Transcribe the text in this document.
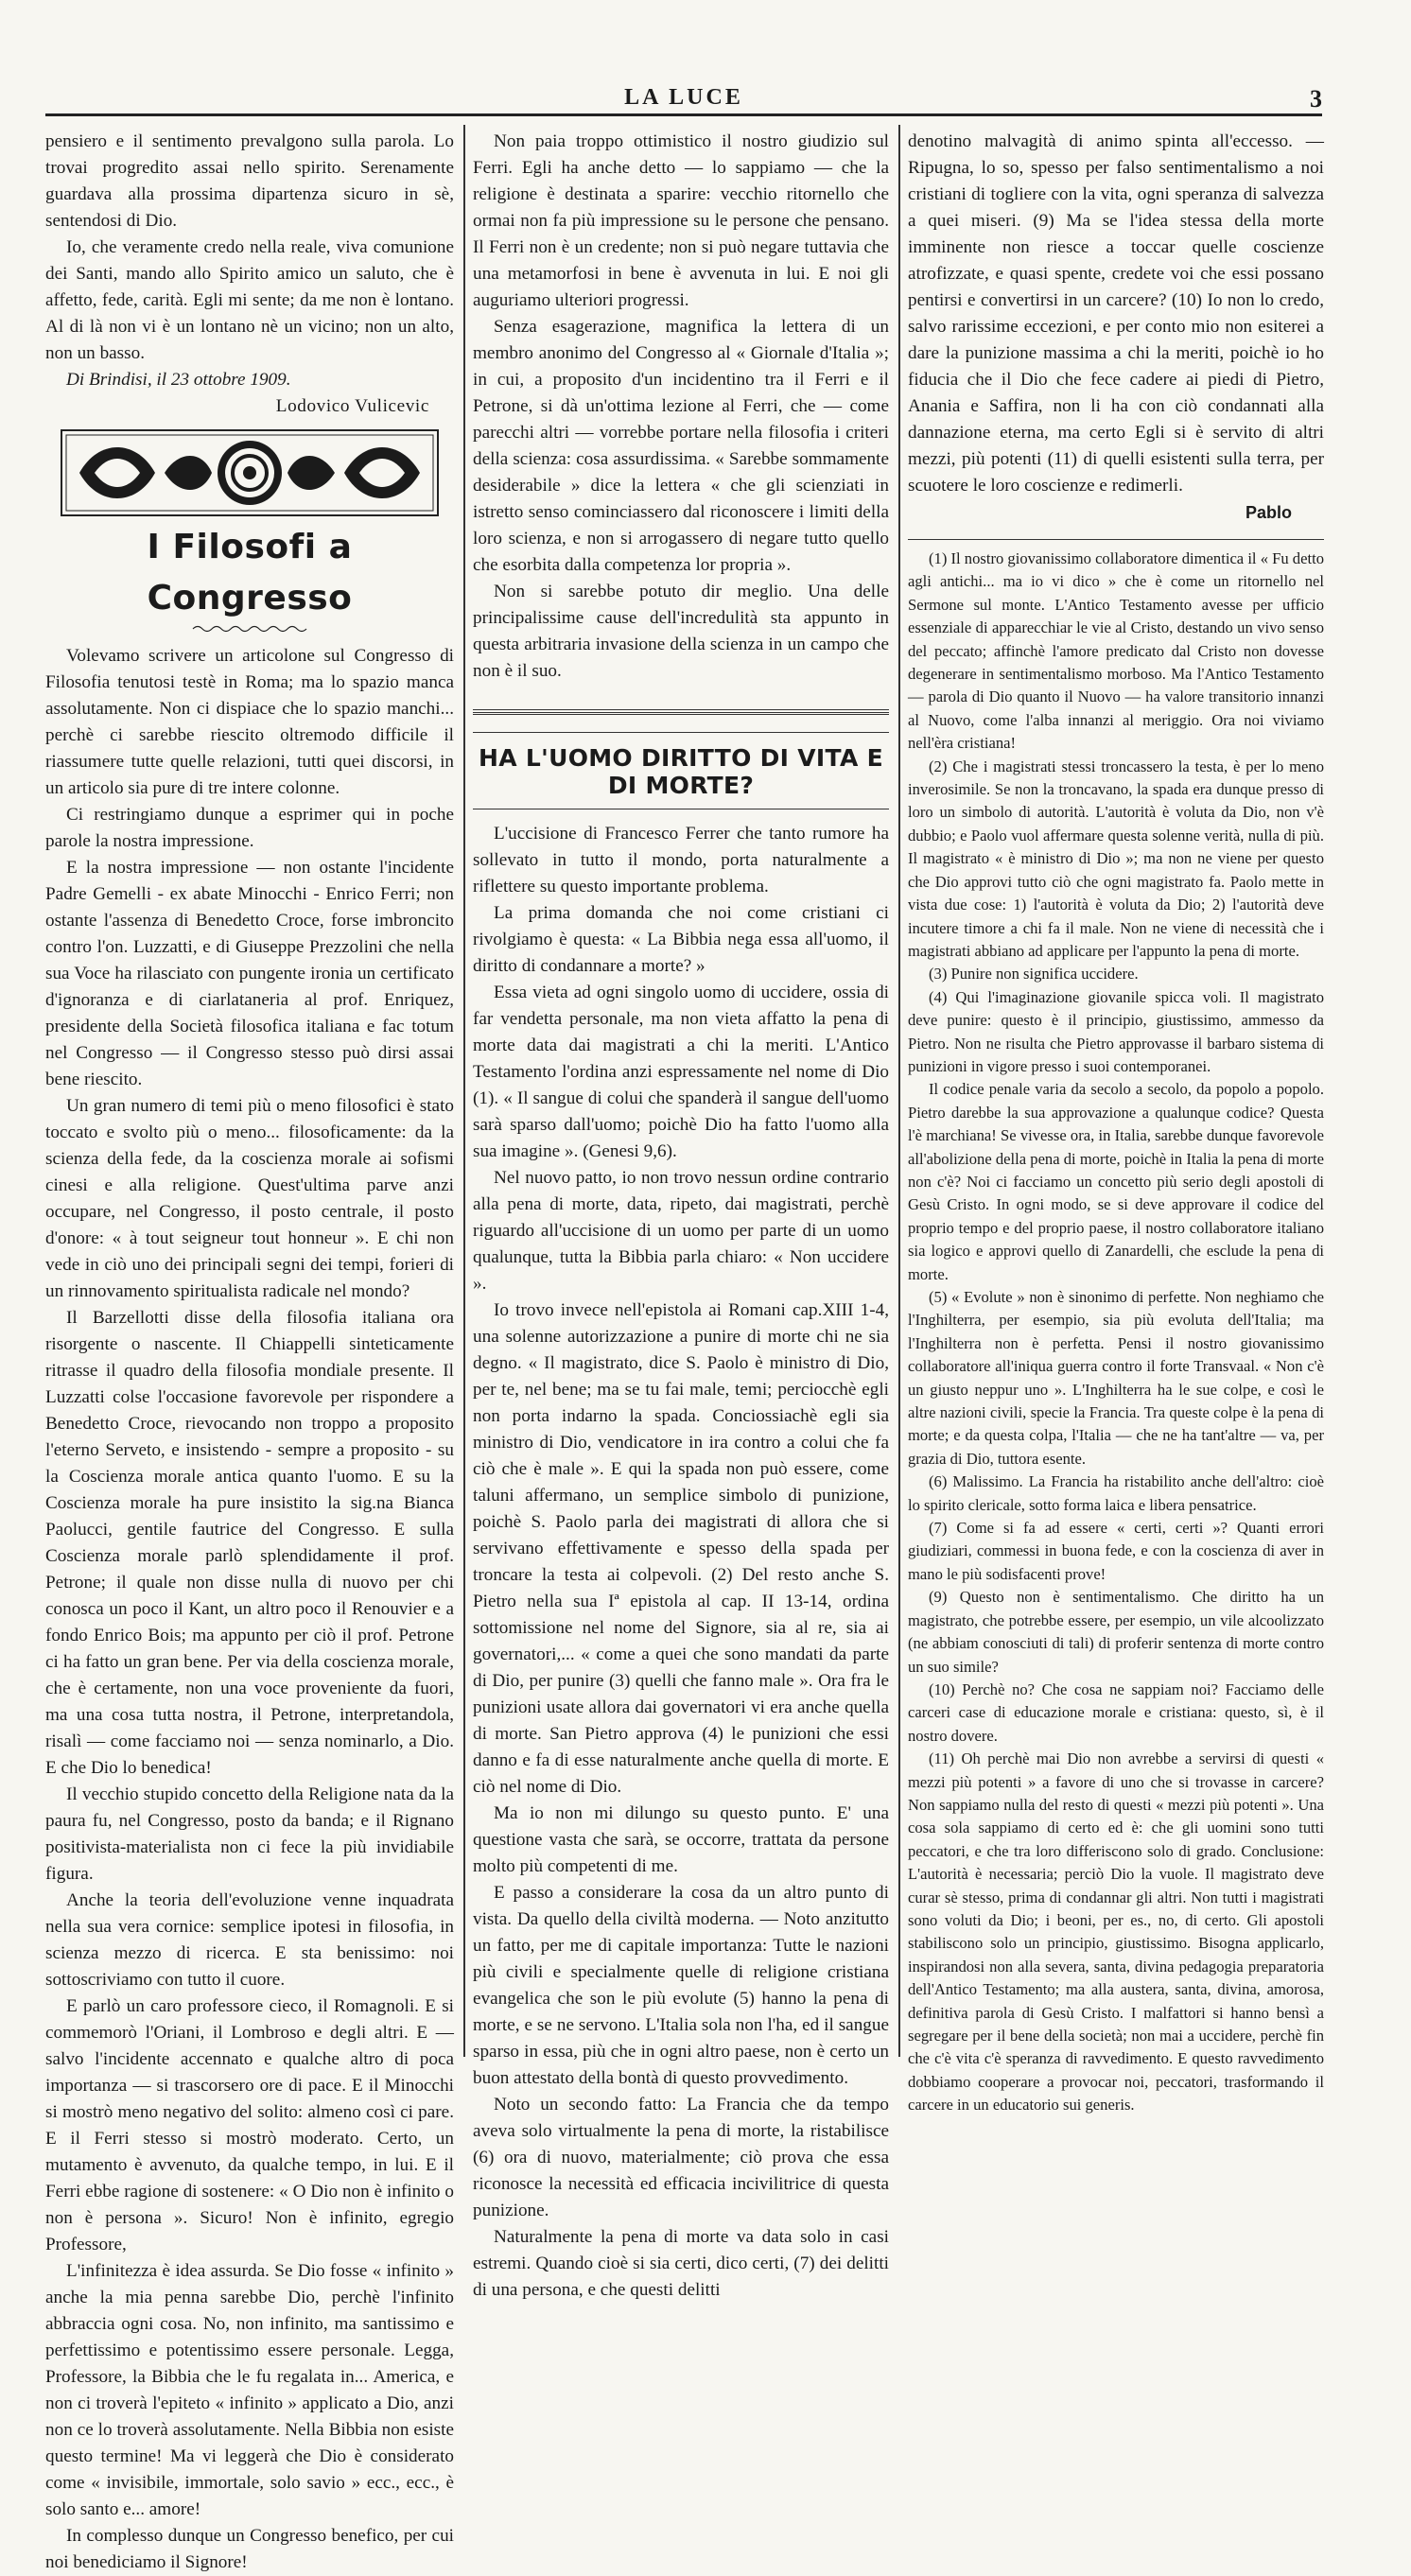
LA LUCE	3

pensiero e il sentimento prevalgono sulla parola. Lo trovai progredito assai nello spirito. Serenamente guardava alla prossima dipartenza sicuro in sè, sentendosi di Dio.

Io, che veramente credo nella reale, viva comunione dei Santi, mando allo Spirito amico un saluto, che è affetto, fede, carità. Egli mi sente; da me non è lontano. Al di là non vi è un lontano nè un vicino; non un alto, non un basso.

Di Brindisi, il 23 ottobre 1909.

Lodovico Vulicevic

I Filosofi a Congresso

Volevamo scrivere un articolone sul Congresso di Filosofia tenutosi testè in Roma; ma lo spazio manca assolutamente. Non ci dispiace che lo spazio manchi... perchè ci sarebbe riescito oltremodo difficile il riassumere tutte quelle relazioni, tutti quei discorsi, in un articolo sia pure di tre intere colonne.

Ci restringiamo dunque a esprimer qui in poche parole la nostra impressione.

E la nostra impressione — non ostante l'incidente Padre Gemelli - ex abate Minocchi - Enrico Ferri; non ostante l'assenza di Benedetto Croce, forse imbroncito contro l'on. Luzzatti, e di Giuseppe Prezzolini che nella sua Voce ha rilasciato con pungente ironia un certificato d'ignoranza e di ciarlataneria al prof. Enriquez, presidente della Società filosofica italiana e fac totum nel Congresso — il Congresso stesso può dirsi assai bene riescito.

Un gran numero di temi più o meno filosofici è stato toccato e svolto più o meno... filosoficamente: da la scienza della fede, da la coscienza morale ai sofismi cinesi e alla religione. Quest'ultima parve anzi occupare, nel Congresso, il posto centrale, il posto d'onore: « à tout seigneur tout honneur ». E chi non vede in ciò uno dei principali segni dei tempi, forieri di un rinnovamento spiritualista radicale nel mondo?

Il Barzellotti disse della filosofia italiana ora risorgente o nascente. Il Chiappelli sinteticamente ritrasse il quadro della filosofia mondiale presente. Il Luzzatti colse l'occasione favorevole per rispondere a Benedetto Croce, rievocando non troppo a proposito l'eterno Serveto, e insistendo - sempre a proposito - su la Coscienza morale antica quanto l'uomo. E su la Coscienza morale ha pure insistito la sig.na Bianca Paolucci, gentile fautrice del Congresso. E sulla Coscienza morale parlò splendidamente il prof. Petrone; il quale non disse nulla di nuovo per chi conosca un poco il Kant, un altro poco il Renouvier e a fondo Enrico Bois; ma appunto per ciò il prof. Petrone ci ha fatto un gran bene. Per via della coscienza morale, che è certamente, non una voce proveniente da fuori, ma una cosa tutta nostra, il Petrone, interpretandola, risalì — come facciamo noi — senza nominarlo, a Dio. E che Dio lo benedica!

Il vecchio stupido concetto della Religione nata da la paura fu, nel Congresso, posto da banda; e il Rignano positivista-materialista non ci fece la più invidiabile figura.

Anche la teoria dell'evoluzione venne inquadrata nella sua vera cornice: semplice ipotesi in filosofia, in scienza mezzo di ricerca. E sta benissimo: noi sottoscriviamo con tutto il cuore.

E parlò un caro professore cieco, il Romagnoli. E si commemorò l'Oriani, il Lombroso e degli altri. E — salvo l'incidente accennato e qualche altro di poca importanza — si trascorsero ore di pace. E il Minocchi si mostrò meno negativo del solito: almeno così ci pare. E il Ferri stesso si mostrò moderato. Certo, un mutamento è avvenuto, da qualche tempo, in lui. E il Ferri ebbe ragione di sostenere: « O Dio non è infinito o non è persona ». Sicuro! Non è infinito, egregio Professore,

L'infinitezza è idea assurda. Se Dio fosse « infinito » anche la mia penna sarebbe Dio, perchè l'infinito abbraccia ogni cosa. No, non infinito, ma santissimo e perfettissimo e potentissimo essere personale. Legga, Professore, la Bibbia che le fu regalata in... America, e non ci troverà l'epiteto « infinito » applicato a Dio, anzi non ce lo troverà assolutamente. Nella Bibbia non esiste questo termine! Ma vi leggerà che Dio è considerato come « invisibile, immortale, solo savio » ecc., ecc., è solo santo e... amore!

In complesso dunque un Congresso benefico, per cui noi benediciamo il Signore!

Non paia troppo ottimistico il nostro giudizio sul Ferri. Egli ha anche detto — lo sappiamo — che la religione è destinata a sparire: vecchio ritornello che ormai non fa più impressione su le persone che pensano. Il Ferri non è un credente; non si può negare tuttavia che una metamorfosi in bene è avvenuta in lui. E noi gli auguriamo ulteriori progressi.

Senza esagerazione, magnifica la lettera di un membro anonimo del Congresso al « Giornale d'Italia »; in cui, a proposito d'un incidentino tra il Ferri e il Petrone, si dà un'ottima lezione al Ferri, che — come parecchi altri — vorrebbe portare nella filosofia i criteri della scienza: cosa assurdissima. « Sarebbe sommamente desiderabile » dice la lettera « che gli scienziati in istretto senso cominciassero dal riconoscere i limiti della loro scienza, e non si arrogassero di negare tutto quello che esorbita dalla competenza lor propria ».

Non si sarebbe potuto dir meglio. Una delle principalissime cause dell'incredulità sta appunto in questa arbitraria invasione della scienza in un campo che non è il suo.

HA L'UOMO DIRITTO DI VITA E DI MORTE?

L'uccisione di Francesco Ferrer che tanto rumore ha sollevato in tutto il mondo, porta naturalmente a riflettere su questo importante problema.

La prima domanda che noi come cristiani ci rivolgiamo è questa: « La Bibbia nega essa all'uomo, il diritto di condannare a morte? »

Essa vieta ad ogni singolo uomo di uccidere, ossia di far vendetta personale, ma non vieta affatto la pena di morte data dai magistrati a chi la meriti. L'Antico Testamento l'ordina anzi espressamente nel nome di Dio (1). « Il sangue di colui che spanderà il sangue dell'uomo sarà sparso dall'uomo; poichè Dio ha fatto l'uomo alla sua imagine ». (Genesi 9,6).

Nel nuovo patto, io non trovo nessun ordine contrario alla pena di morte, data, ripeto, dai magistrati, perchè riguardo all'uccisione di un uomo per parte di un uomo qualunque, tutta la Bibbia parla chiaro: « Non uccidere ».

Io trovo invece nell'epistola ai Romani cap.XIII 1-4, una solenne autorizzazione a punire di morte chi ne sia degno. « Il magistrato, dice S. Paolo è ministro di Dio, per te, nel bene; ma se tu fai male, temi; perciocchè egli non porta indarno la spada. Conciossiachè egli sia ministro di Dio, vendicatore in ira contro a colui che fa ciò che è male ». E qui la spada non può essere, come taluni affermano, un semplice simbolo di punizione, poichè S. Paolo parla dei magistrati di allora che si servivano effettivamente e spesso della spada per troncare la testa ai colpevoli. (2) Del resto anche S. Pietro nella sua Iª epistola al cap. II 13-14, ordina sottomissione nel nome del Signore, sia al re, sia ai governatori,... « come a quei che sono mandati da parte di Dio, per punire (3) quelli che fanno male ». Ora fra le punizioni usate allora dai governatori vi era anche quella di morte. San Pietro approva (4) le punizioni che essi danno e fa di esse naturalmente anche quella di morte. E ciò nel nome di Dio.

Ma io non mi dilungo su questo punto. E' una questione vasta che sarà, se occorre, trattata da persone molto più competenti di me.

E passo a considerare la cosa da un altro punto di vista. Da quello della civiltà moderna. — Noto anzitutto un fatto, per me di capitale importanza: Tutte le nazioni più civili e specialmente quelle di religione cristiana evangelica che son le più evolute (5) hanno la pena di morte, e se ne servono. L'Italia sola non l'ha, ed il sangue sparso in essa, più che in ogni altro paese, non è certo un buon attestato della bontà di questo provvedimento.

Noto un secondo fatto: La Francia che da tempo aveva solo virtualmente la pena di morte, la ristabilisce (6) ora di nuovo, materialmente; ciò prova che essa riconosce la necessità ed efficacia incivilitrice di questa punizione.

Naturalmente la pena di morte va data solo in casi estremi. Quando cioè si sia certi, dico certi, (7) dei delitti di una persona, e che questi delitti

denotino malvagità di animo spinta all'eccesso. — Ripugna, lo so, spesso per falso sentimentalismo a noi cristiani di togliere con la vita, ogni speranza di salvezza a quei miseri. (9) Ma se l'idea stessa della morte imminente non riesce a toccar quelle coscienze atrofizzate, e quasi spente, credete voi che essi possano pentirsi e convertirsi in un carcere? (10) Io non lo credo, salvo rarissime eccezioni, e per conto mio non esiterei a dare la punizione massima a chi la meriti, poichè io ho fiducia che il Dio che fece cadere ai piedi di Pietro, Anania e Saffira, non li ha con ciò condannati alla dannazione eterna, ma certo Egli si è servito di altri mezzi, più potenti (11) di quelli esistenti sulla terra, per scuotere le loro coscienze e redimerli.

Pablo

(1) Il nostro giovanissimo collaboratore dimentica il « Fu detto agli antichi... ma io vi dico » che è come un ritornello nel Sermone sul monte. L'Antico Testamento avesse per ufficio essenziale di apparecchiar le vie al Cristo, destando un vivo senso del peccato; affinchè l'amore predicato dal Cristo non dovesse degenerare in sentimentalismo morboso. Ma l'Antico Testamento — parola di Dio quanto il Nuovo — ha valore transitorio innanzi al Nuovo, come l'alba innanzi al meriggio. Ora noi viviamo nell'èra cristiana!

(2) Che i magistrati stessi troncassero la testa, è per lo meno inverosimile. Se non la troncavano, la spada era dunque presso di loro un simbolo di autorità. L'autorità è voluta da Dio, non v'è dubbio; e Paolo vuol affermare questa solenne verità, nulla di più. Il magistrato « è ministro di Dio »; ma non ne viene per questo che Dio approvi tutto ciò che ogni magistrato fa. Paolo mette in vista due cose: 1) l'autorità è voluta da Dio; 2) l'autorità deve incutere timore a chi fa il male. Non ne viene di necessità che i magistrati abbiano ad applicare per l'appunto la pena di morte.

(3) Punire non significa uccidere.

(4) Qui l'imaginazione giovanile spicca voli. Il magistrato deve punire: questo è il principio, giustissimo, ammesso da Pietro. Non ne risulta che Pietro approvasse il barbaro sistema di punizioni in vigore presso i suoi contemporanei.

Il codice penale varia da secolo a secolo, da popolo a popolo. Pietro darebbe la sua approvazione a qualunque codice? Questa l'è marchiana! Se vivesse ora, in Italia, sarebbe dunque favorevole all'abolizione della pena di morte, poichè in Italia la pena di morte non c'è? Noi ci facciamo un concetto più serio degli apostoli di Gesù Cristo. In ogni modo, se si deve approvare il codice del proprio tempo e del proprio paese, il nostro collaboratore italiano sia logico e approvi quello di Zanardelli, che esclude la pena di morte.

(5) « Evolute » non è sinonimo di perfette. Non neghiamo che l'Inghilterra, per esempio, sia più evoluta dell'Italia; ma l'Inghilterra non è perfetta. Pensi il nostro giovanissimo collaboratore all'iniqua guerra contro il forte Transvaal. « Non c'è un giusto neppur uno ». L'Inghilterra ha le sue colpe, e così le altre nazioni civili, specie la Francia. Tra queste colpe è la pena di morte; e da questa colpa, l'Italia — che ne ha tant'altre — va, per grazia di Dio, tuttora esente.

(6) Malissimo. La Francia ha ristabilito anche dell'altro: cioè lo spirito clericale, sotto forma laica e libera pensatrice.

(7) Come si fa ad essere « certi, certi »? Quanti errori giudiziari, commessi in buona fede, e con la coscienza di aver in mano le più sodisfacenti prove!

(9) Questo non è sentimentalismo. Che diritto ha un magistrato, che potrebbe essere, per esempio, un vile alcoolizzato (ne abbiam conosciuti di tali) di proferir sentenza di morte contro un suo simile?

(10) Perchè no? Che cosa ne sappiam noi? Facciamo delle carceri case di educazione morale e cristiana: questo, sì, è il nostro dovere.

(11) Oh perchè mai Dio non avrebbe a servirsi di questi « mezzi più potenti » a favore di uno che si trovasse in carcere? Non sappiamo nulla del resto di questi « mezzi più potenti ». Una cosa sola sappiamo di certo ed è: che gli uomini sono tutti peccatori, e che tra loro differiscono solo di grado. Conclusione: L'autorità è necessaria; perciò Dio la vuole. Il magistrato deve curar sè stesso, prima di condannar gli altri. Non tutti i magistrati sono voluti da Dio; i beoni, per es., no, di certo. Gli apostoli stabiliscono solo un principio, giustissimo. Bisogna applicarlo, inspirandosi non alla severa, santa, divina pedagogia preparatoria dell'Antico Testamento; ma alla austera, santa, divina, amorosa, definitiva parola di Gesù Cristo. I malfattori si hanno bensì a segregare per il bene della società; non mai a uccidere, perchè fin che c'è vita c'è speranza di ravvedimento. E questo ravvedimento dobbiamo cooperare a provocar noi, peccatori, trasformando il carcere in un educatorio sui generis.
